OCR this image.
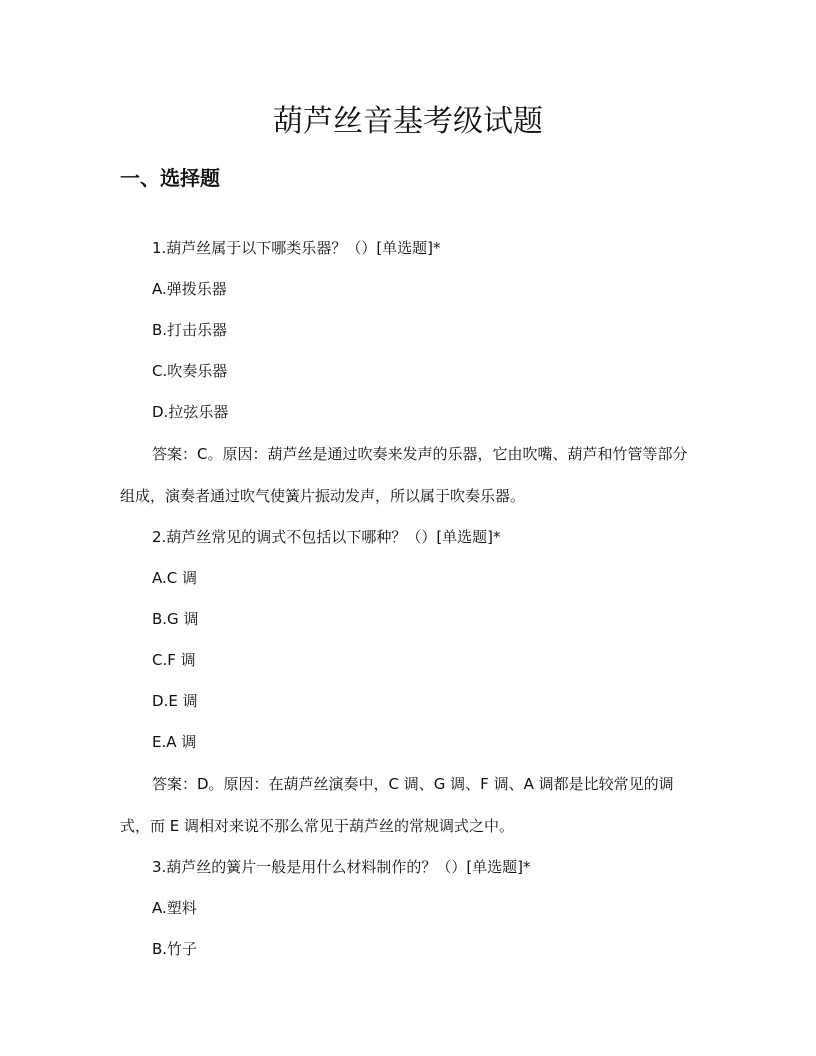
葫芦丝音基考级试题
一、选择题

1.葫芦丝属于以下哪类乐器？（）[单选题]*

A.弹拨乐器

B.打击乐器

C.吹奏乐器

D.拉弦乐器

答案：C。原因：葫芦丝是通过吹奏来发声的乐器，它由吹嘴、葫芦和竹管等部分组成，演奏者通过吹气使簧片振动发声，所以属于吹奏乐器。

2.葫芦丝常见的调式不包括以下哪种？（）[单选题]*

A.C 调

B.G 调

C.F 调

D.E 调

E.A 调

答案：D。原因：在葫芦丝演奏中，C 调、G 调、F 调、A 调都是比较常见的调式，而 E 调相对来说不那么常见于葫芦丝的常规调式之中。

3.葫芦丝的簧片一般是用什么材料制作的？（）[单选题]*

A.塑料

B.竹子
